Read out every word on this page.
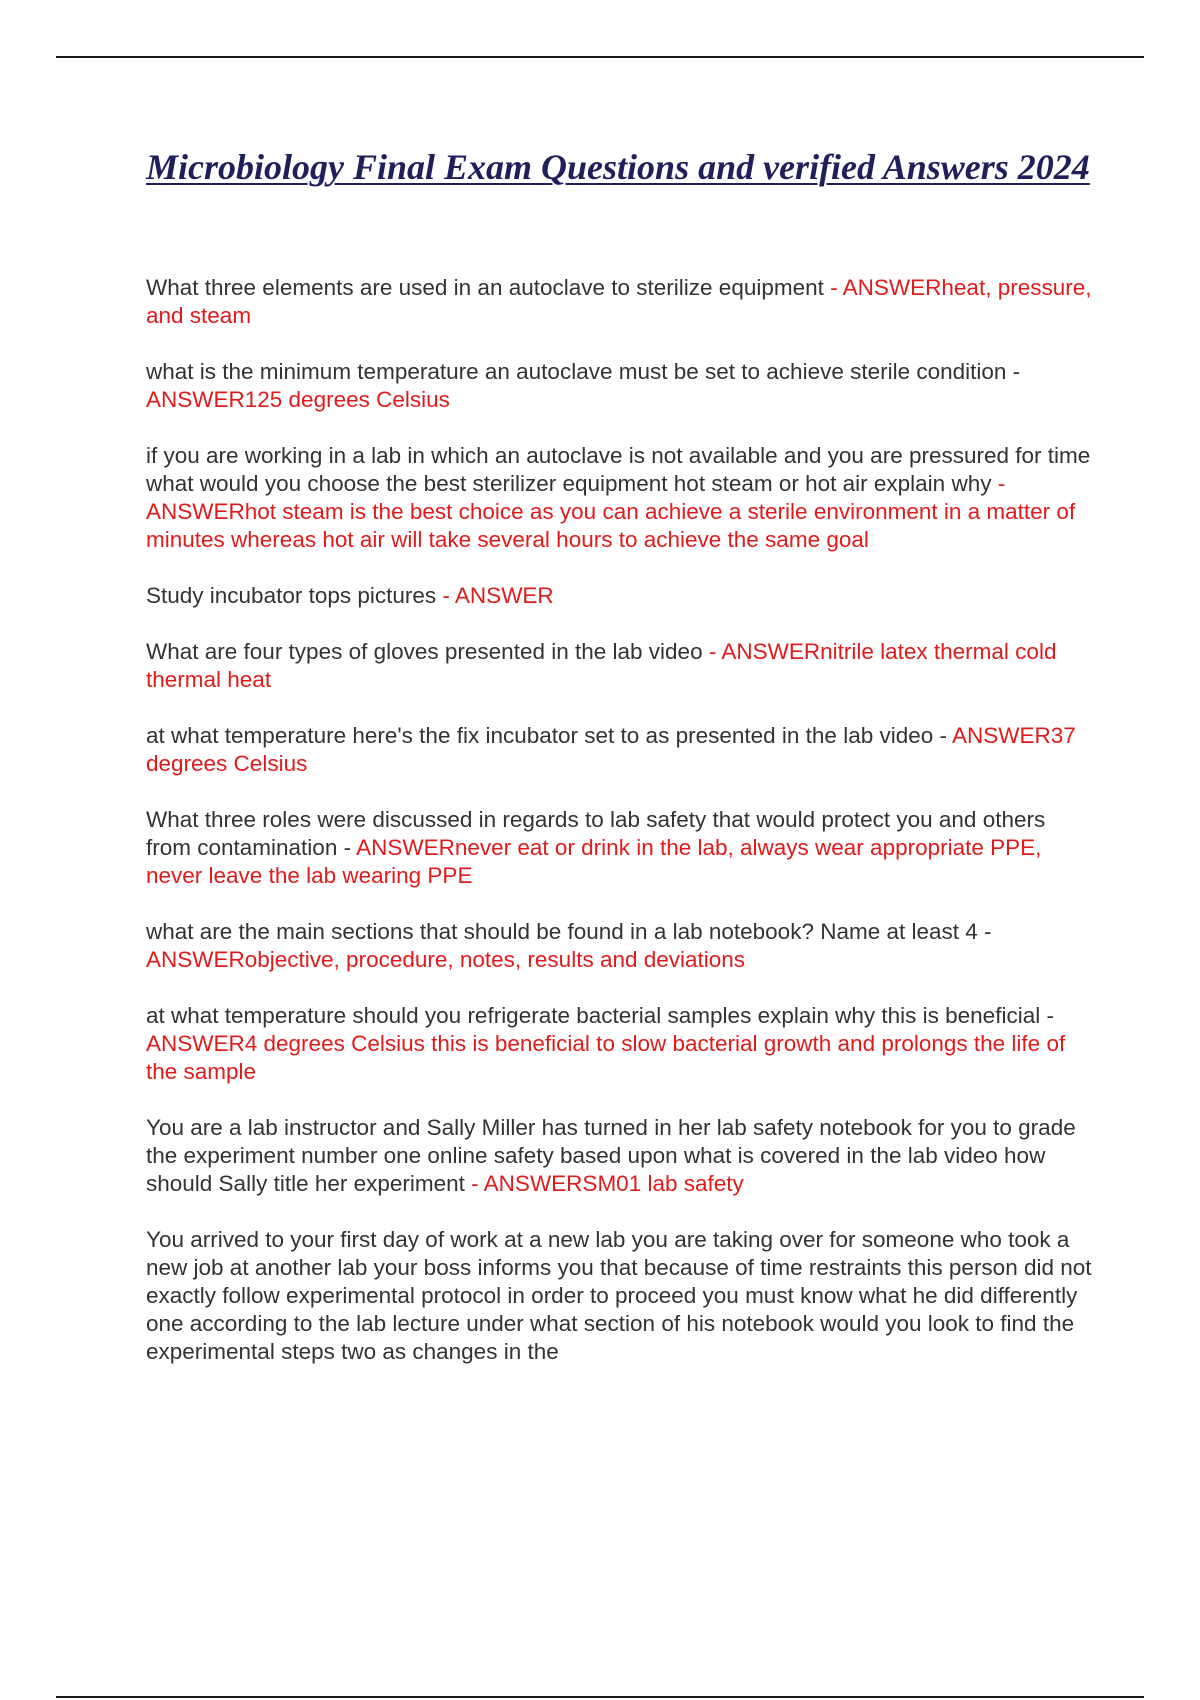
Microbiology Final Exam Questions and verified Answers 2024

What three elements are used in an autoclave to sterilize equipment - ANSWERheat, pressure, and steam

what is the minimum temperature an autoclave must be set to achieve sterile condition - ANSWER125 degrees Celsius

if you are working in a lab in which an autoclave is not available and you are pressured for time what would you choose the best sterilizer equipment hot steam or hot air explain why - ANSWERhot steam is the best choice as you can achieve a sterile environment in a matter of minutes whereas hot air will take several hours to achieve the same goal

Study incubator tops pictures - ANSWER

What are four types of gloves presented in the lab video - ANSWERnitrile latex thermal cold thermal heat

at what temperature here's the fix incubator set to as presented in the lab video - ANSWER37 degrees Celsius

What three roles were discussed in regards to lab safety that would protect you and others from contamination - ANSWERnever eat or drink in the lab, always wear appropriate PPE, never leave the lab wearing PPE

what are the main sections that should be found in a lab notebook? Name at least 4 - ANSWERobjective, procedure, notes, results and deviations

at what temperature should you refrigerate bacterial samples explain why this is beneficial - ANSWER4 degrees Celsius this is beneficial to slow bacterial growth and prolongs the life of the sample

You are a lab instructor and Sally Miller has turned in her lab safety notebook for you to grade the experiment number one online safety based upon what is covered in the lab video how should Sally title her experiment - ANSWERSM01 lab safety

You arrived to your first day of work at a new lab you are taking over for someone who took a new job at another lab your boss informs you that because of time restraints this person did not exactly follow experimental protocol in order to proceed you must know what he did differently one according to the lab lecture under what section of his notebook would you look to find the experimental steps two as changes in the
